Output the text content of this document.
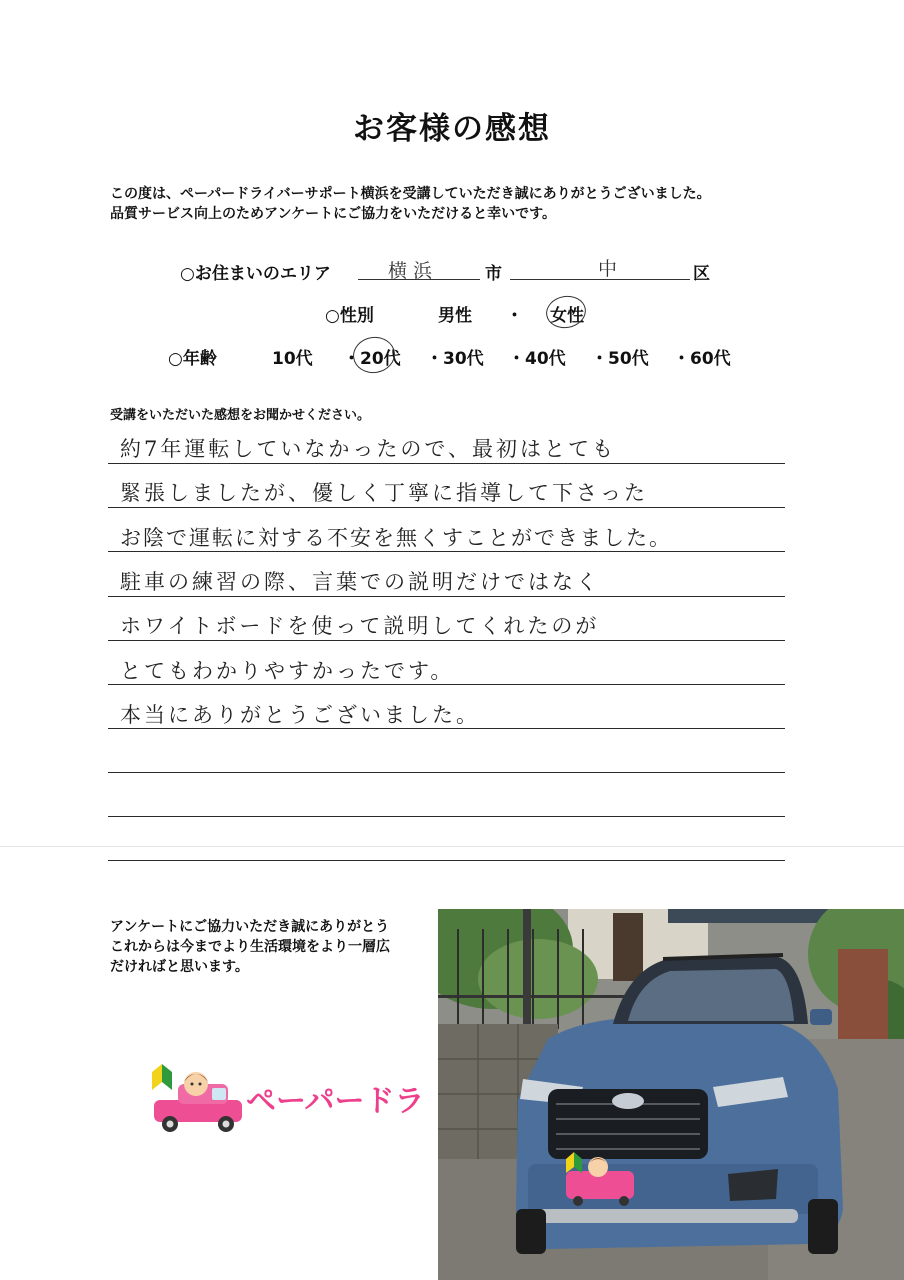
お客様の感想
この度は、ペーパードライバーサポート横浜を受講していただき誠にありがとうございました。
品質サービス向上のためアンケートにご協力をいただけると幸いです。
○お住まいのエリア	横浜	市	中	区
○性別	男性 ・ 女性
○年齢	10代 ・20代 ・30代 ・40代 ・50代 ・60代
受講をいただいた感想をお聞かせください。
約7年運転していなかったので、最初はとても
緊張しましたが、優しく丁寧に指導して下さった
お陰で運転に対する不安を無くすことができました。
駐車の練習の際、言葉での説明だけではなく
ホワイトボードを使って説明してくれたのが
とてもわかりやすかったです。
本当にありがとうございました。
アンケートにご協力いただき誠にありがとう
これからは今までより生活環境をより一層広
だければと思います。
ペーパードラ
